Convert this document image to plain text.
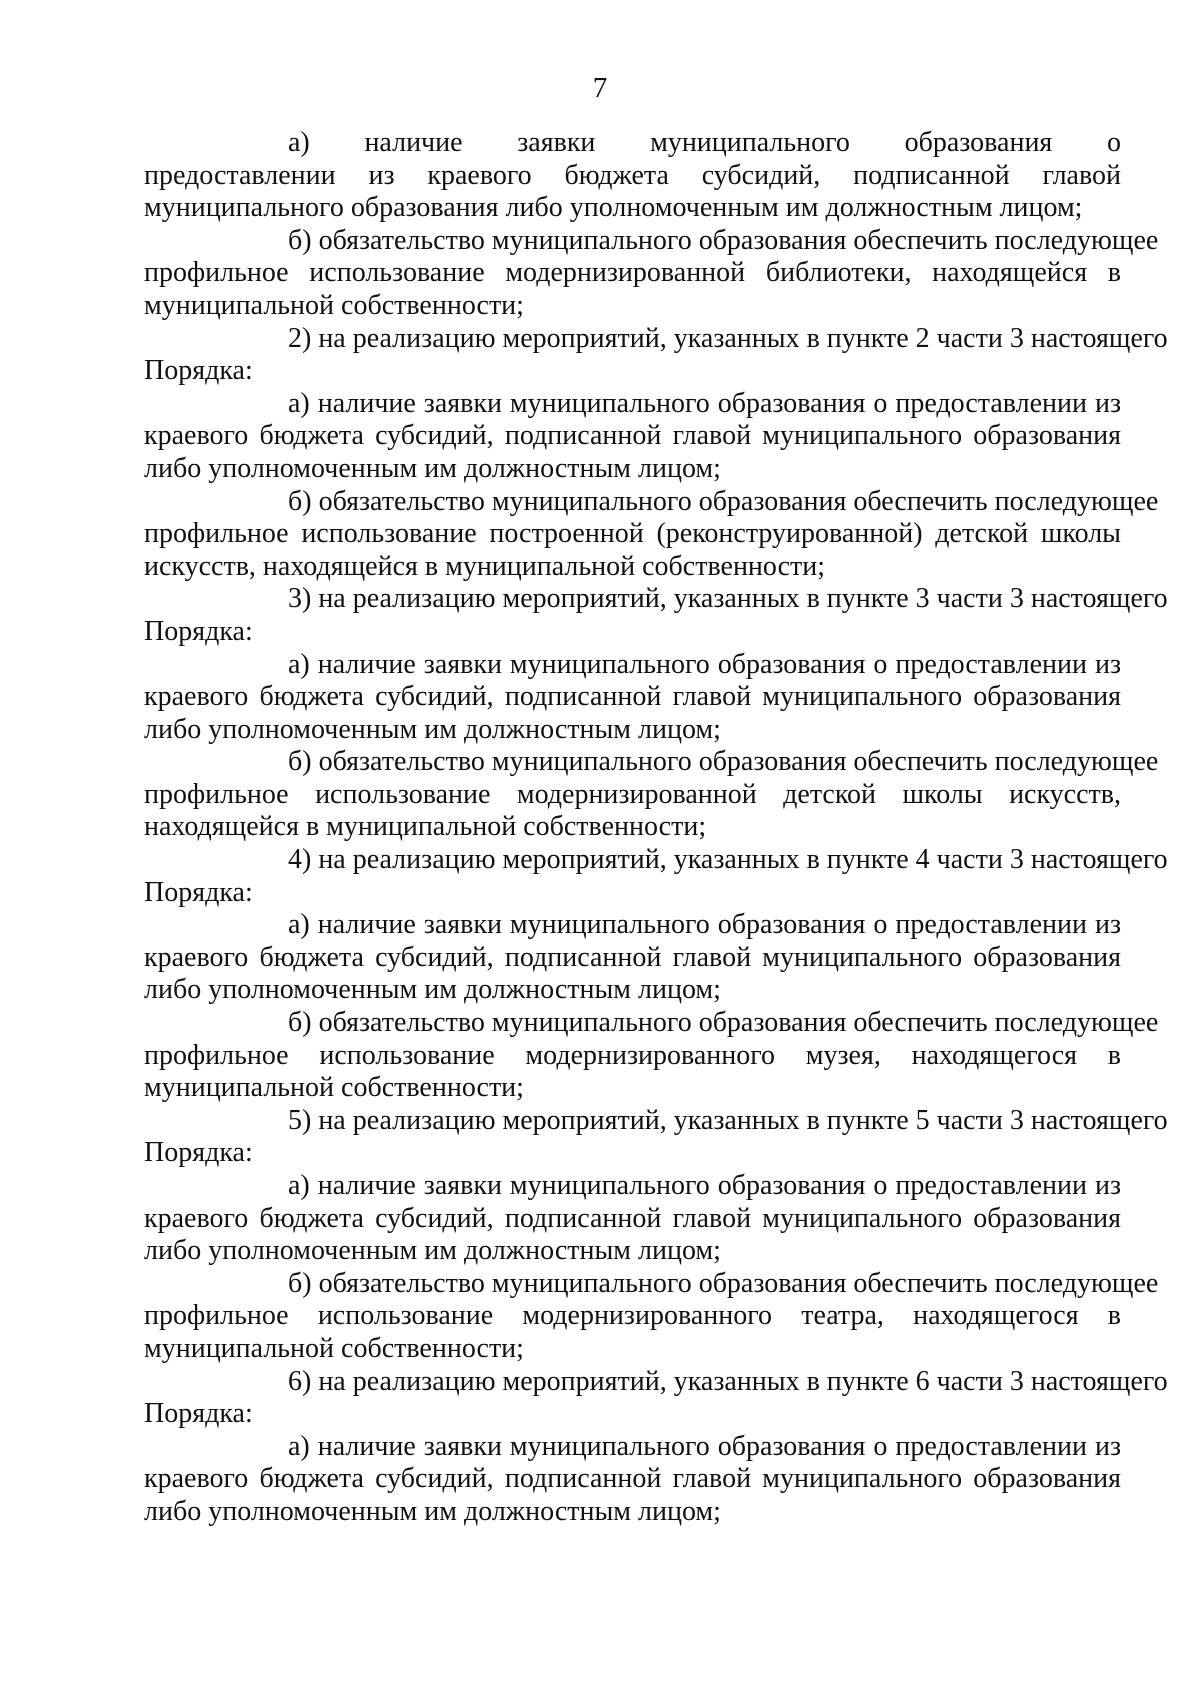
7

а) наличие заявки муниципального образования о предоставлении из краевого бюджета субсидий, подписанной главой муниципального образования либо уполномоченным им должностным лицом;

б) обязательство муниципального образования обеспечить последующее профильное использование модернизированной библиотеки, находящейся в муниципальной собственности;

2) на реализацию мероприятий, указанных в пункте 2 части 3 настоящего Порядка:

а) наличие заявки муниципального образования о предоставлении из краевого бюджета субсидий, подписанной главой муниципального образования либо уполномоченным им должностным лицом;

б) обязательство муниципального образования обеспечить последующее профильное использование построенной (реконструированной) детской школы искусств, находящейся в муниципальной собственности;

3) на реализацию мероприятий, указанных в пункте 3 части 3 настоящего Порядка:

а) наличие заявки муниципального образования о предоставлении из краевого бюджета субсидий, подписанной главой муниципального образования либо уполномоченным им должностным лицом;

б) обязательство муниципального образования обеспечить последующее профильное использование модернизированной детской школы искусств, находящейся в муниципальной собственности;

4) на реализацию мероприятий, указанных в пункте 4 части 3 настоящего Порядка:

а) наличие заявки муниципального образования о предоставлении из краевого бюджета субсидий, подписанной главой муниципального образования либо уполномоченным им должностным лицом;

б) обязательство муниципального образования обеспечить последующее профильное использование модернизированного музея, находящегося в муниципальной собственности;

5) на реализацию мероприятий, указанных в пункте 5 части 3 настоящего Порядка:

а) наличие заявки муниципального образования о предоставлении из краевого бюджета субсидий, подписанной главой муниципального образования либо уполномоченным им должностным лицом;

б) обязательство муниципального образования обеспечить последующее профильное использование модернизированного театра, находящегося в муниципальной собственности;

6) на реализацию мероприятий, указанных в пункте 6 части 3 настоящего Порядка:

а) наличие заявки муниципального образования о предоставлении из краевого бюджета субсидий, подписанной главой муниципального образования либо уполномоченным им должностным лицом;
